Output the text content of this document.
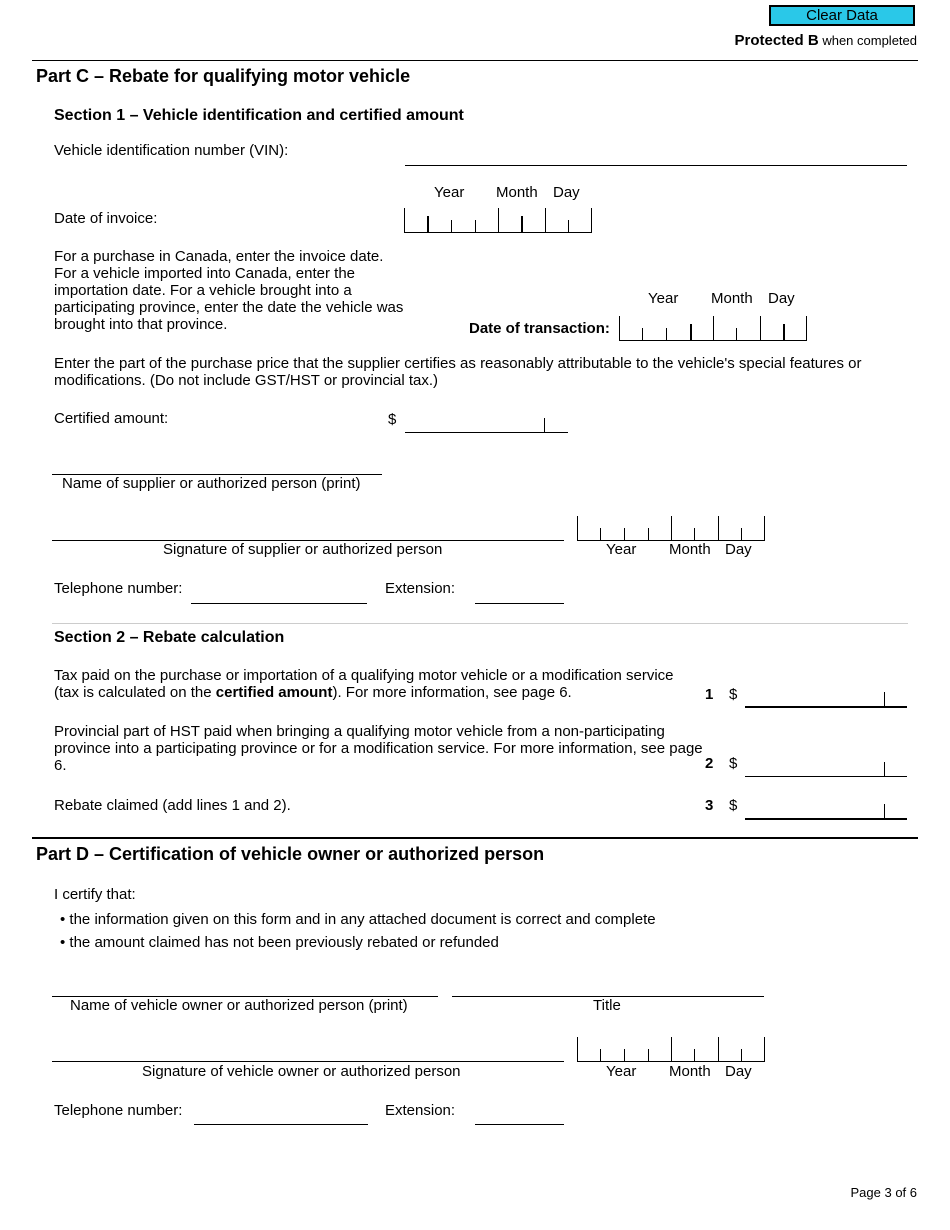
Clear Data
Protected B when completed
Part C – Rebate for qualifying motor vehicle
Section 1 – Vehicle identification and certified amount
Vehicle identification number (VIN):
Year Month Day
Date of invoice:
For a purchase in Canada, enter the invoice date. For a vehicle imported into Canada, enter the importation date. For a vehicle brought into a participating province, enter the date the vehicle was brought into that province.
Year Month Day
Date of transaction:
Enter the part of the purchase price that the supplier certifies as reasonably attributable to the vehicle's special features or modifications. (Do not include GST/HST or provincial tax.)
Certified amount:	$
Name of supplier or authorized person (print)
Signature of supplier or authorized person	Year Month Day
Telephone number:	Extension:
Section 2 – Rebate calculation
Tax paid on the purchase or importation of a qualifying motor vehicle or a modification service
(tax is calculated on the certified amount). For more information, see page 6.	1 $
Provincial part of HST paid when bringing a qualifying motor vehicle from a non-participating province into a participating province or for a modification service. For more information, see page 6.	2 $
Rebate claimed (add lines 1 and 2).	3 $
Part D – Certification of vehicle owner or authorized person
I certify that:
• the information given on this form and in any attached document is correct and complete
• the amount claimed has not been previously rebated or refunded
Name of vehicle owner or authorized person (print)	Title
Signature of vehicle owner or authorized person	Year Month Day
Telephone number:	Extension:
Page 3 of 6
